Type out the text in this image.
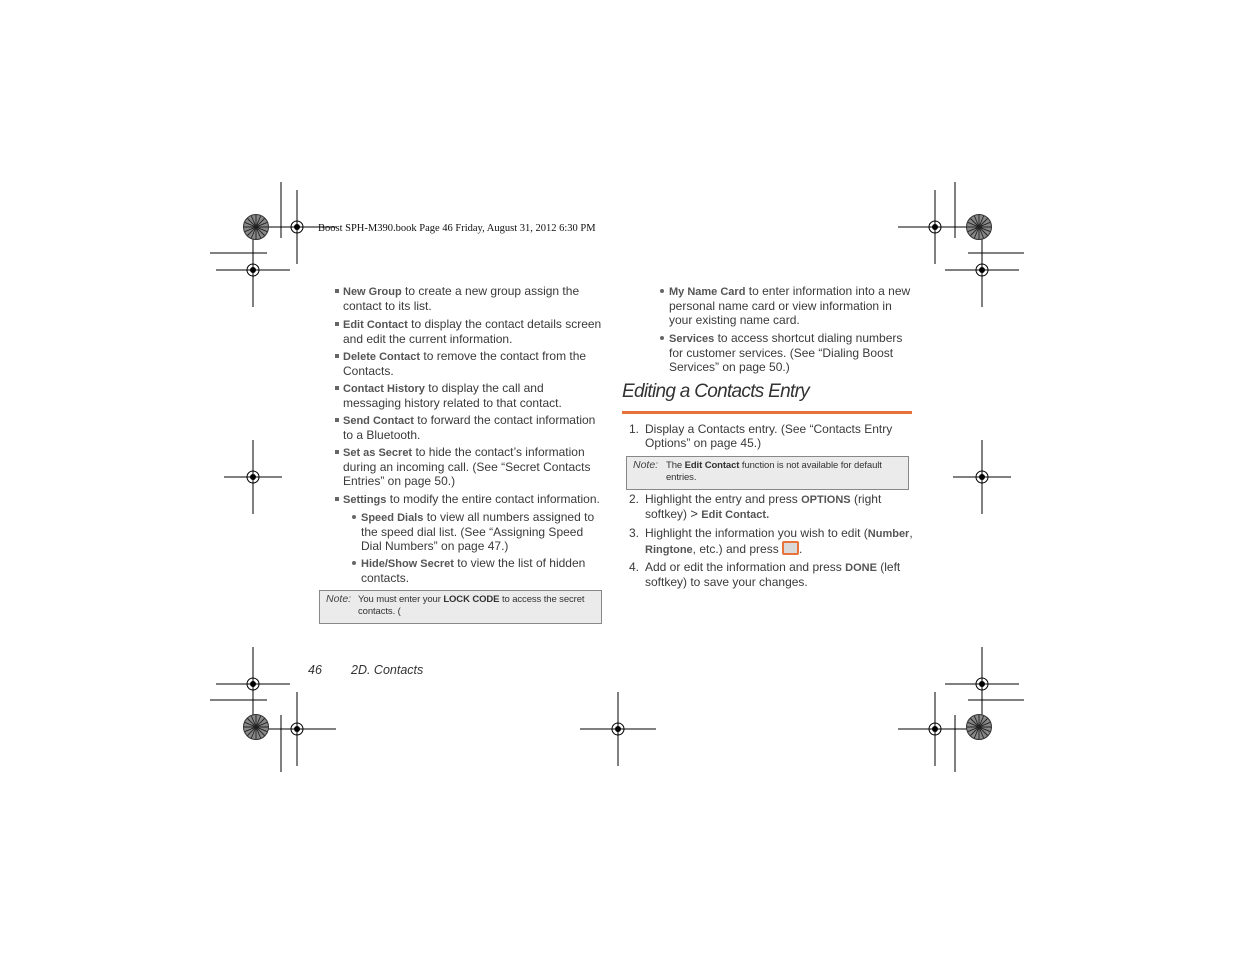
Boost SPH-M390.book Page 46 Friday, August 31, 2012 6:30 PM
New Group to create a new group assign the contact to its list.
Edit Contact to display the contact details screen and edit the current information.
Delete Contact to remove the contact from the Contacts.
Contact History to display the call and messaging history related to that contact.
Send Contact to forward the contact information to a Bluetooth.
Set as Secret to hide the contact’s information during an incoming call. (See “Secret Contacts Entries” on page 50.)
Settings to modify the entire contact information.
Speed Dials to view all numbers assigned to the speed dial list. (See “Assigning Speed Dial Numbers” on page 47.)
Hide/Show Secret to view the list of hidden contacts.
Note: You must enter your LOCK CODE to access the secret contacts. (
My Name Card to enter information into a new personal name card or view information in your existing name card.
Services to access shortcut dialing numbers for customer services. (See “Dialing Boost Services” on page 50.)
Editing a Contacts Entry
1. Display a Contacts entry. (See “Contacts Entry Options” on page 45.)
2. Highlight the entry and press OPTIONS (right softkey) > Edit Contact.
3. Highlight the information you wish to edit (Number, Ringtone, etc.) and press .
4. Add or edit the information and press DONE (left softkey) to save your changes.
Note: The Edit Contact function is not available for default entries.
46 2D. Contacts
